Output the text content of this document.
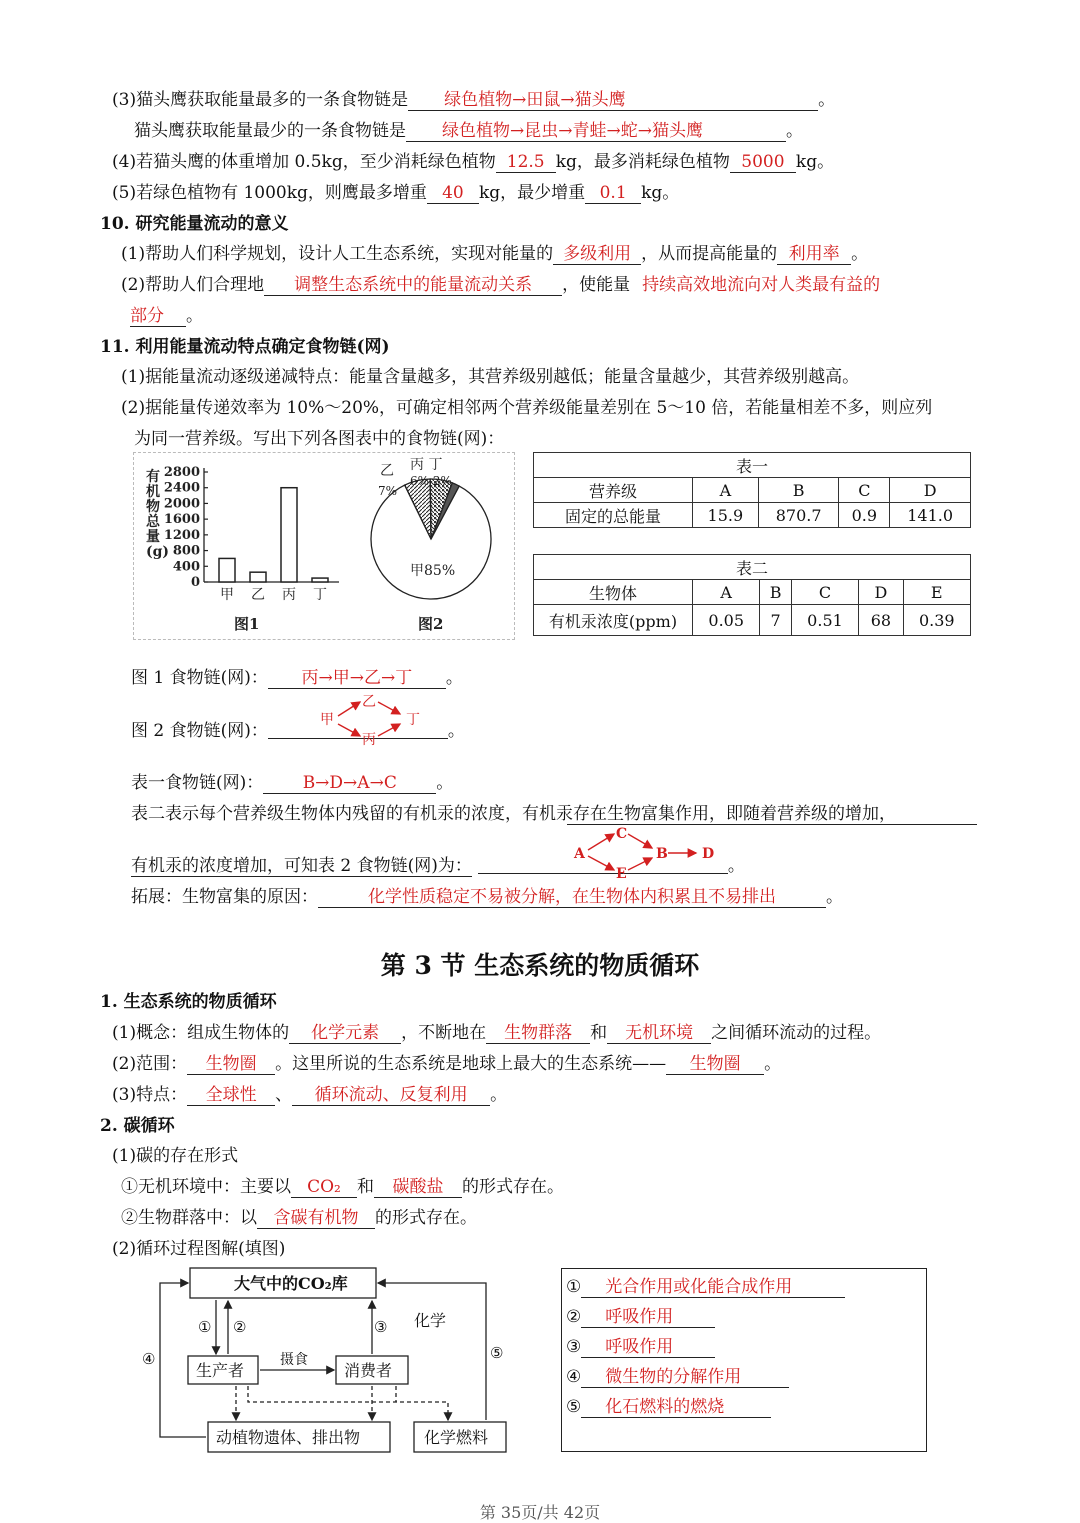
(3)猫头鹰获取能量最多的一条食物链是 绿色植物→田鼠→猫头鹰	。
猫头鹰获取能量最少的一条食物链是 绿色植物→昆虫→青蛙→蛇→猫头鹰	。
(4)若猫头鹰的体重增加 0.5kg，至少消耗绿色植物 12.5 kg，最多消耗绿色植物 5000 kg。
(5)若绿色植物有 1000kg，则鹰最多增重 40 kg，最少增重 0.1 kg。
10. 研究能量流动的意义
(1)帮助人们科学规划，设计人工生态系统，实现对能量的 多级利用 ，从而提高能量的 利用率 。
(2)帮助人们合理地 调整生态系统中的能量流动关系 ，使能量 持续高效地流向对人类最有益的
部分 。
11. 利用能量流动特点确定食物链(网)
(1)据能量流动逐级递减特点：能量含量越多，其营养级别越低；能量含量越少，其营养级别越高。
(2)据能量传递效率为 10%～20%，可确定相邻两个营养级能量差别在 5～10 倍，若能量相差不多，则应列
为同一营养级。写出下列各图表中的食物链(网)：
有
机
物
总
量
(g)
0
400
800
1200
1600
2000
2400
2800
甲 乙 丙 丁
图1
甲85%
乙
7%
丙 丁
6% 2%
图2
表一				
营养级	A	B	C	D
固定的总能量	15.9	870.7	0.9	141.0
表二					
生物体	A	B	C	D	E
有机汞浓度(ppm)	0.05	7	0.51	68	0.39
图 1 食物链(网)： 丙→甲→乙→丁 。
图 2 食物链(网)：	。
甲
乙
丙
丁
表一食物链(网)： B→D→A→C 。
表二表示每个营养级生物体内残留的有机汞的浓度，有机汞存在生物富集作用，即随着营养级的增加，
有机汞的浓度增加，可知表 2 食物链(网)为：	。
A
C
E
B D
拓展：生物富集的原因：	化学性质稳定不易被分解，在生物体内积累且不易排出	。
第 3 节 生态系统的物质循环
1. 生态系统的物质循环
(1)概念：组成生物体的 化学元素 ，不断地在 生物群落 和 无机环境 之间循环流动的过程。
(2)范围： 生物圈 。这里所说的生态系统是地球上最大的生态系统—— 生物圈 。
(3)特点： 全球性 、 循环流动、反复利用 。
2. 碳循环
(1)碳的存在形式
①无机环境中：主要以 CO₂ 和 碳酸盐 的形式存在。
②生物群落中：以 含碳有机物 的形式存在。
(2)循环过程图解(填图)
大气中的CO₂库
生产者	消费者
动植物遗体、排出物	化学燃料
摄食
化学
① ②	③
④	⑤
① 光合作用或化能合成作用
② 呼吸作用
③ 呼吸作用
④ 微生物的分解作用
⑤ 化石燃料的燃烧
第 35页/共 42页
